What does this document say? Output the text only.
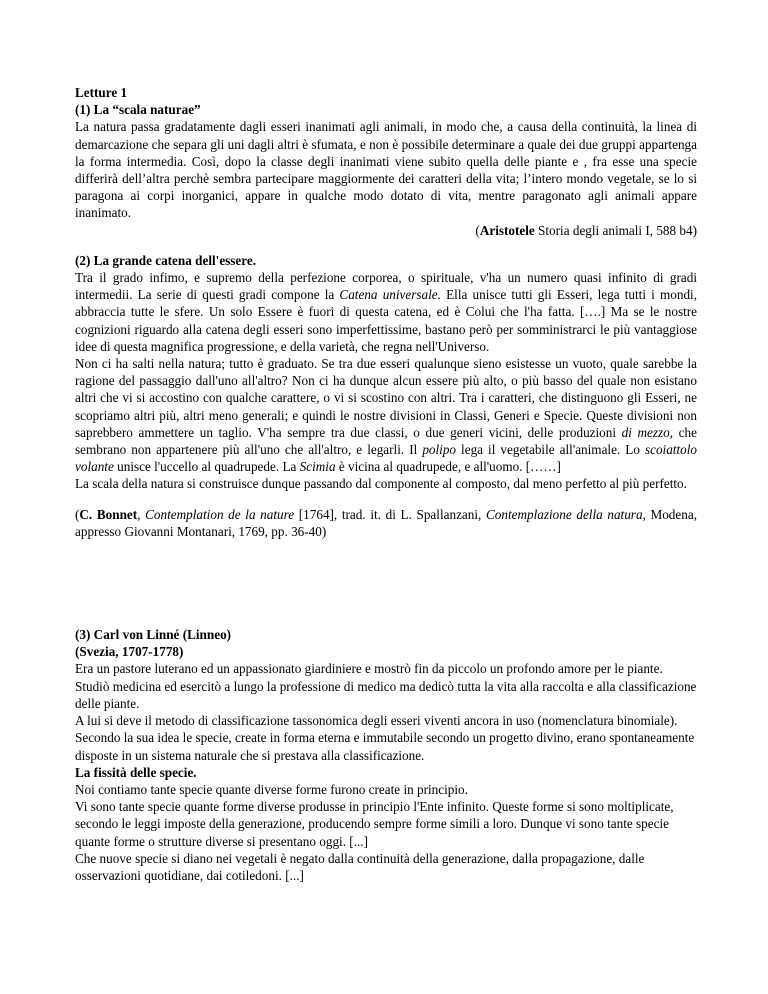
Letture 1
(1) La “scala naturae”
La natura passa gradatamente dagli esseri inanimati agli animali, in modo che, a causa della continuità, la linea di demarcazione che separa gli uni dagli altri è sfumata, e non è possibile determinare a quale dei due gruppi appartenga la forma intermedia. Così, dopo la classe degli inanimati viene subito quella delle piante e , fra esse una specie differirà dell’altra perchè sembra partecipare maggiormente dei caratteri della vita; l’intero mondo vegetale, se lo si paragona ai corpi inorganici, appare in qualche modo dotato di vita, mentre paragonato agli animali appare inanimato.
(Aristotele Storia degli animali I, 588 b4)
(2) La grande catena dell'essere.
Tra il grado infimo, e supremo della perfezione corporea, o spirituale, v'ha un numero quasi infinito di gradi intermedii. La serie di questi gradi compone la Catena universale. Ella unisce tutti gli Esseri, lega tutti i mondi, abbraccia tutte le sfere. Un solo Essere è fuori di questa catena, ed è Colui che l'ha fatta. [….] Ma se le nostre cognizioni riguardo alla catena degli esseri sono imperfettissime, bastano però per somministrarci le più vantaggiose idee di questa magnifica progressione, e della varietà, che regna nell'Universo.
Non ci ha salti nella natura; tutto è graduato. Se tra due esseri qualunque sieno esistesse un vuoto, quale sarebbe la ragione del passaggio dall'uno all'altro? Non ci ha dunque alcun essere più alto, o più basso del quale non esistano altri che vi si accostino con qualche carattere, o vi si scostino con altri. Tra i caratteri, che distinguono gli Esseri, ne scopriamo altri più, altri meno generali; e quindi le nostre divisioni in Classi, Generi e Specie. Queste divisioni non saprebbero ammettere un taglio. V'ha sempre tra due classi, o due generi vicini, delle produzioni di mezzo, che sembrano non appartenere più all'uno che all'altro, e legarli. Il polipo lega il vegetabile all'animale. Lo scoiattolo volante unisce l'uccello al quadrupede. La Scimia è vicina al quadrupede, e all'uomo. [……]
La scala della natura si construisce dunque passando dal componente al composto, dal meno perfetto al più perfetto.
(C. Bonnet, Contemplation de la nature [1764], trad. it. di L. Spallanzani, Contemplazione della natura, Modena, appresso Giovanni Montanari, 1769, pp. 36-40)
(3) Carl von Linné (Linneo)
(Svezia, 1707-1778)
Era un pastore luterano ed un appassionato giardiniere e mostrò fin da piccolo un profondo amore per le piante. Studiò medicina ed esercitò a lungo la professione di medico ma dedicò tutta la vita alla raccolta e alla classificazione delle piante.
A lui si deve il metodo di classificazione tassonomica degli esseri viventi ancora in uso (nomenclatura binomiale). Secondo la sua idea le specie, create in forma eterna e immutabile secondo un progetto divino, erano spontaneamente disposte in un sistema naturale che si prestava alla classificazione.
La fissità delle specie.
Noi contiamo tante specie quante diverse forme furono create in principio.
Vi sono tante specie quante forme diverse produsse in principio l'Ente infinito. Queste forme si sono moltiplicate, secondo le leggi imposte della generazione, producendo sempre forme simili a loro. Dunque vi sono tante specie quante forme o strutture diverse si presentano oggi. [...]
Che nuove specie si diano nei vegetali è negato dalla continuità della generazione, dalla propagazione, dalle osservazioni quotidiane, dai cotiledoni. [...]
